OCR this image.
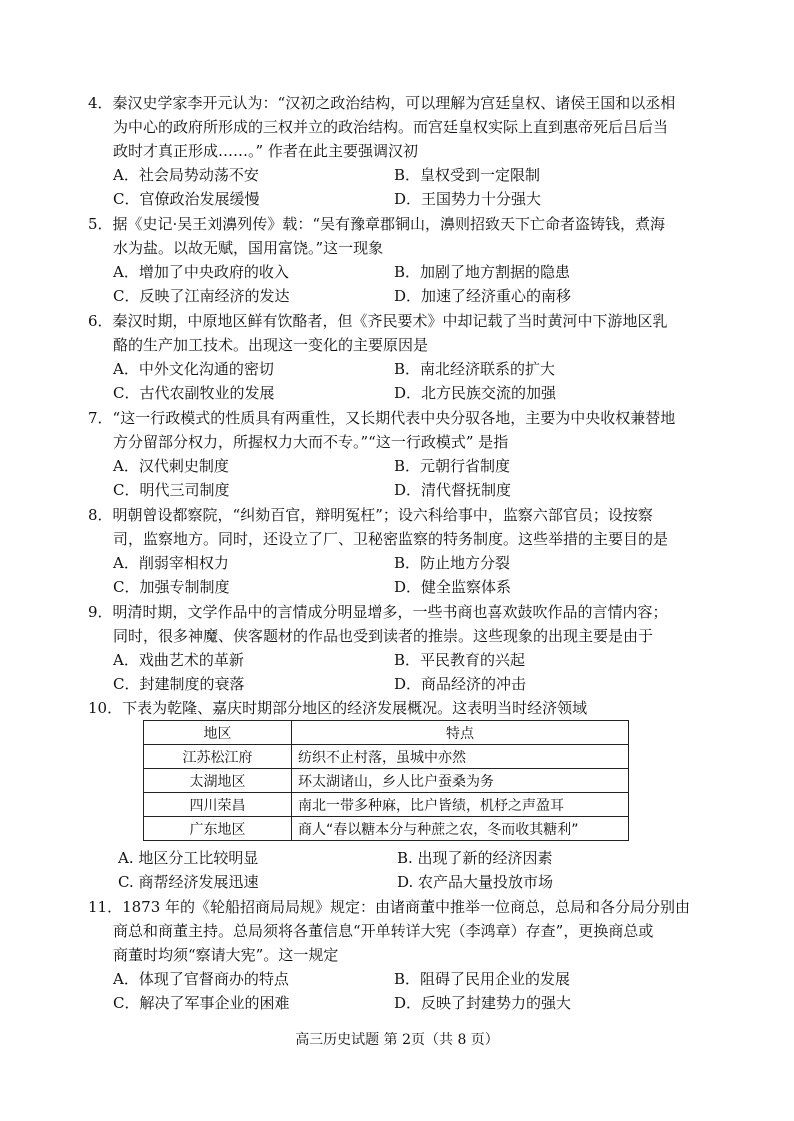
4．秦汉史学家李开元认为：“汉初之政治结构，可以理解为宫廷皇权、诸侯王国和以丞相
为中心的政府所形成的三权并立的政治结构。而宫廷皇权实际上直到惠帝死后吕后当
政时才真正形成……。” 作者在此主要强调汉初
A．社会局势动荡不安	B．皇权受到一定限制
C．官僚政治发展缓慢	D．王国势力十分强大
5．据《史记·吴王刘濞列传》载：“吴有豫章郡铜山，濞则招致天下亡命者盗铸钱，煮海
水为盐。以故无赋，国用富饶。”这一现象
A．增加了中央政府的收入	B．加剧了地方割据的隐患
C．反映了江南经济的发达	D．加速了经济重心的南移
6．秦汉时期，中原地区鲜有饮酪者，但《齐民要术》中却记载了当时黄河中下游地区乳
酪的生产加工技术。出现这一变化的主要原因是
A．中外文化沟通的密切	B．南北经济联系的扩大
C．古代农副牧业的发展	D．北方民族交流的加强
7．“这一行政模式的性质具有两重性，又长期代表中央分驭各地，主要为中央收权兼替地
方分留部分权力，所握权力大而不专。”“这一行政模式” 是指
A．汉代刺史制度	B．元朝行省制度
C．明代三司制度	D．清代督抚制度
8．明朝曾设都察院，“纠劾百官，辩明冤枉”；设六科给事中，监察六部官员；设按察
司，监察地方。同时，还设立了厂、卫秘密监察的特务制度。这些举措的主要目的是
A．削弱宰相权力	B．防止地方分裂
C．加强专制制度	D．健全监察体系
9．明清时期，文学作品中的言情成分明显增多，一些书商也喜欢鼓吹作品的言情内容；
同时，很多神魔、侠客题材的作品也受到读者的推崇。这些现象的出现主要是由于
A．戏曲艺术的革新	B．平民教育的兴起
C．封建制度的衰落	D．商品经济的冲击
10．下表为乾隆、嘉庆时期部分地区的经济发展概况。这表明当时经济领域
地区	特点
江苏松江府	纺织不止村落，虽城中亦然
太湖地区	环太湖诸山，乡人比户蚕桑为务
四川荣昌	南北一带多种麻，比户皆绩，机杼之声盈耳
广东地区	商人“春以糖本分与种蔗之农，冬而收其糖利”
A. 地区分工比较明显	B. 出现了新的经济因素
C. 商帮经济发展迅速	D. 农产品大量投放市场
11．1873 年的《轮船招商局局规》规定：由诸商董中推举一位商总，总局和各分局分别由
商总和商董主持。总局须将各董信息“开单转详大宪（李鸿章）存查”，更换商总或
商董时均须“察请大宪”。这一规定
A．体现了官督商办的特点	B．阻碍了民用企业的发展
C．解决了军事企业的困难	D．反映了封建势力的强大
高三历史试题 第 2页（共 8 页）
